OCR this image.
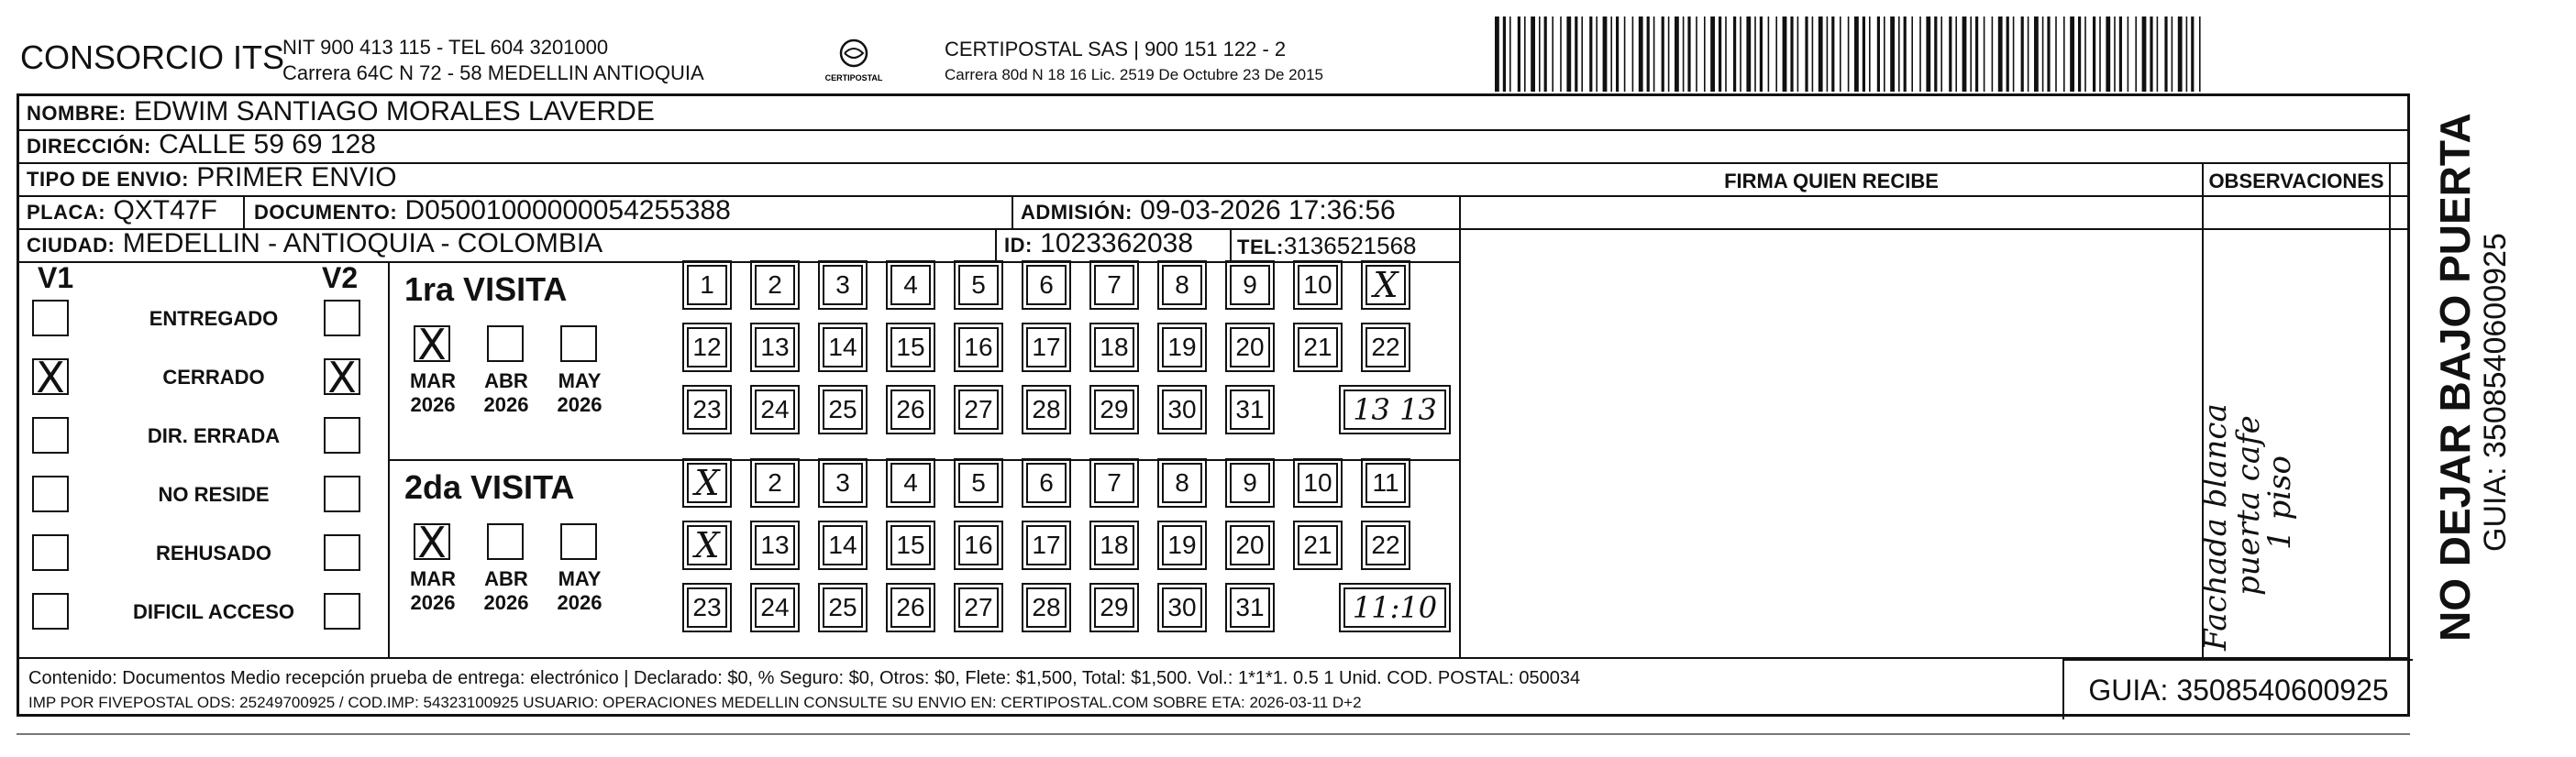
CONSORCIO ITS
NIT 900 413 115 - TEL 604 3201000
Carrera 64C N 72 - 58 MEDELLIN ANTIOQUIA	CERTIPOSTAL
CERTIPOSTAL SAS | 900 151 122 - 2
Carrera 80d N 18 16 Lic. 2519 De Octubre 23 De 2015
NOMBRE: EDWIM SANTIAGO MORALES LAVERDE
DIRECCIÓN: CALLE 59 69 128
TIPO DE ENVIO: PRIMER ENVIO	FIRMA QUIEN RECIBE	OBSERVACIONES
PLACA: QXT47F DOCUMENTO: D05001000000054255388	ADMISIÓN: 09-03-2026 17:36:56
CIUDAD: MEDELLIN - ANTIOQUIA - COLOMBIA	ID: 1023362038 TEL:3136521568
V1	V2
ENTREGADO
X	CERRADO	X
DIR. ERRADA
NO RESIDE
REHUSADO
DIFICIL ACCESO
1ra VISITA
X
MAR
2026
ABR
2026
MAY
2026
1	2	3	4	5	6	7	8	9	10 X
12 13 14 15 16 17 18 19 20 21 22
23 24 25 26 27 28 29 30 31	13 13
2da VISITA
X
MAR
2026
ABR
2026
MAY
2026
X	2	3	4	5	6	7	8	9	10 11
X	13 14 15 16 17 18 19 20 21 22
23 24 25 26 27 28 29 30 31	11:10
Contenido: Documentos Medio recepción prueba de entrega: electrónico | Declarado: $0, % Seguro: $0, Otros: $0, Flete: $1,500, Total: $1,500. Vol.: 1*1*1. 0.5 1 Unid. COD. POSTAL: 050034
IMP POR FIVEPOSTAL ODS: 25249700925 / COD.IMP: 54323100925 USUARIO: OPERACIONES MEDELLIN CONSULTE SU ENVIO EN: CERTIPOSTAL.COM SOBRE ETA: 2026-03-11 D+2	GUIA: 3508540600925
Fachada blanca
puerta cafe
1 piso	NO DEJAR BAJO PUERTA GUIA: 3508540600925
